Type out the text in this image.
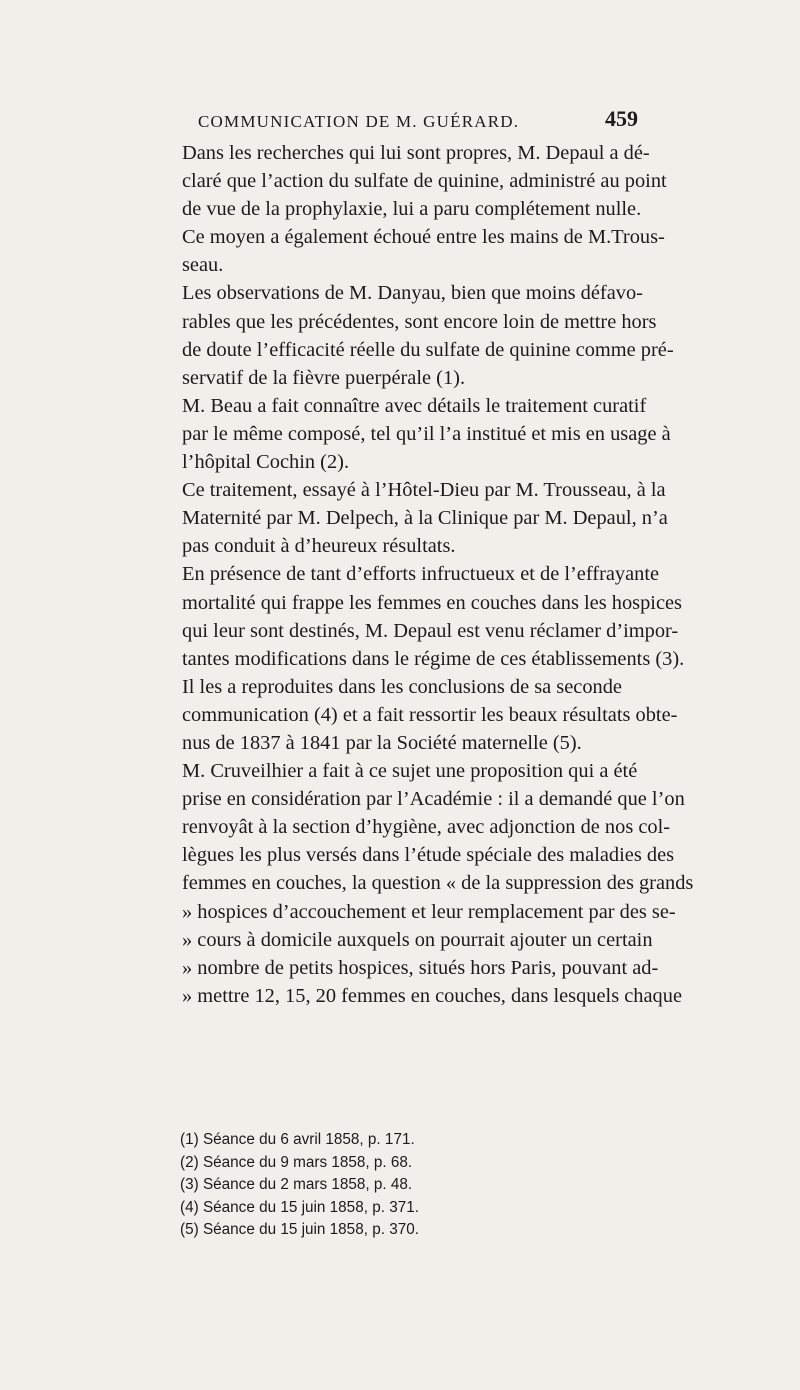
COMMUNICATION DE M. GUÉRARD.	459

Dans les recherches qui lui sont propres, M. Depaul a dé-
claré que l’action du sulfate de quinine, administré au point
de vue de la prophylaxie, lui a paru complétement nulle.

Ce moyen a également échoué entre les mains de M.Trous-
seau.

Les observations de M. Danyau, bien que moins défavo-
rables que les précédentes, sont encore loin de mettre hors
de doute l’efficacité réelle du sulfate de quinine comme pré-
servatif de la fièvre puerpérale (1).

M. Beau a fait connaître avec détails le traitement curatif
par le même composé, tel qu’il l’a institué et mis en usage à
l’hôpital Cochin (2).

Ce traitement, essayé à l’Hôtel-Dieu par M. Trousseau, à la
Maternité par M. Delpech, à la Clinique par M. Depaul, n’a
pas conduit à d’heureux résultats.

En présence de tant d’efforts infructueux et de l’effrayante
mortalité qui frappe les femmes en couches dans les hospices
qui leur sont destinés, M. Depaul est venu réclamer d’impor-
tantes modifications dans le régime de ces établissements (3).

Il les a reproduites dans les conclusions de sa seconde
communication (4) et a fait ressortir les beaux résultats obte-
nus de 1837 à 1841 par la Société maternelle (5).

M. Cruveilhier a fait à ce sujet une proposition qui a été
prise en considération par l’Académie : il a demandé que l’on
renvoyât à la section d’hygiène, avec adjonction de nos col-
lègues les plus versés dans l’étude spéciale des maladies des
femmes en couches, la question « de la suppression des grands
» hospices d’accouchement et leur remplacement par des se-
» cours à domicile auxquels on pourrait ajouter un certain
» nombre de petits hospices, situés hors Paris, pouvant ad-
» mettre 12, 15, 20 femmes en couches, dans lesquels chaque

(1) Séance du 6 avril 1858, p. 171.
(2) Séance du 9 mars 1858, p. 68.
(3) Séance du 2 mars 1858, p. 48.
(4) Séance du 15 juin 1858, p. 371.
(5) Séance du 15 juin 1858, p. 370.
